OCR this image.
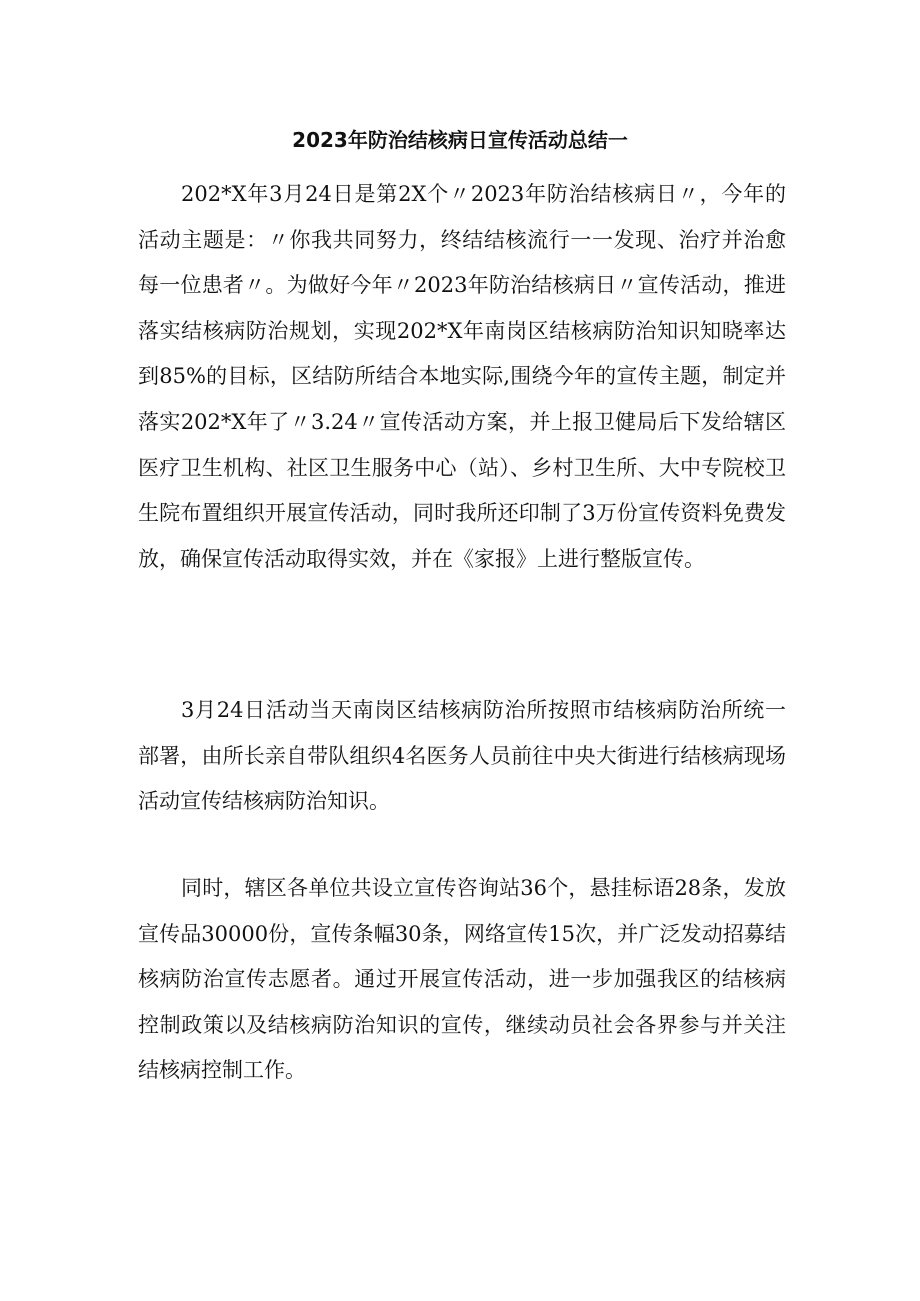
2023年防治结核病日宣传活动总结一

202*X年3月24日是第2X个〃2023年防治结核病日〃，今年的活动主题是：〃你我共同努力，终结结核流行一一发现、治疗并治愈每一位患者〃。为做好今年〃2023年防治结核病日〃宣传活动，推进落实结核病防治规划，实现202*X年南岗区结核病防治知识知晓率达到85%的目标，区结防所结合本地实际,围绕今年的宣传主题，制定并落实202*X年了〃3.24〃宣传活动方案，并上报卫健局后下发给辖区医疗卫生机构、社区卫生服务中心（站）、乡村卫生所、大中专院校卫生院布置组织开展宣传活动，同时我所还印制了3万份宣传资料免费发放，确保宣传活动取得实效，并在《家报》上进行整版宣传。

3月24日活动当天南岗区结核病防治所按照市结核病防治所统一部署，由所长亲自带队组织4名医务人员前往中央大街进行结核病现场活动宣传结核病防治知识。

同时，辖区各单位共设立宣传咨询站36个，悬挂标语28条，发放宣传品30000份，宣传条幅30条，网络宣传15次，并广泛发动招募结核病防治宣传志愿者。通过开展宣传活动，进一步加强我区的结核病控制政策以及结核病防治知识的宣传，继续动员社会各界参与并关注结核病控制工作。
